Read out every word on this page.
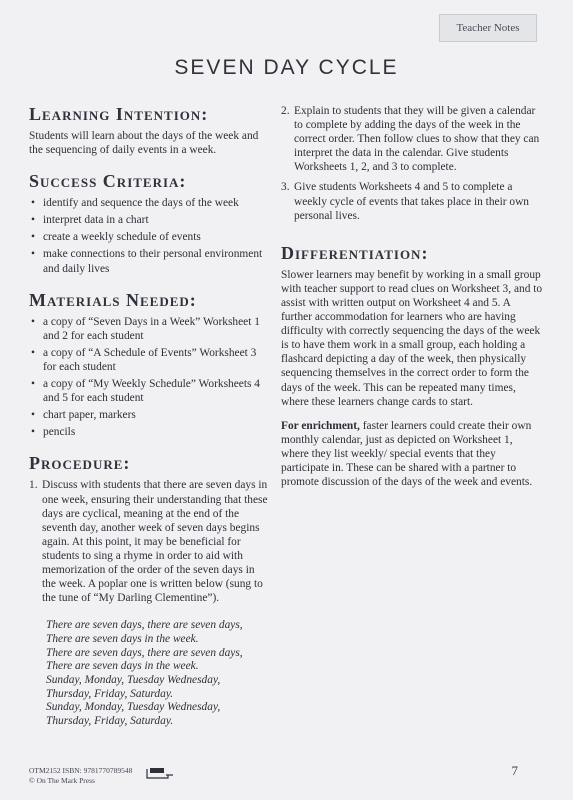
Teacher Notes
SEVEN DAY CYCLE
Learning Intention:

Students will learn about the days of the week and the sequencing of daily events in a week.

Success Criteria:
• identify and sequence the days of the week
• interpret data in a chart
• create a weekly schedule of events
• make connections to their personal environment and daily lives
Materials Needed:
• a copy of “Seven Days in a Week” Worksheet 1 and 2 for each student
• a copy of “A Schedule of Events” Worksheet 3 for each student
• a copy of “My Weekly Schedule” Worksheets 4 and 5 for each student
• chart paper, markers
• pencils
Procedure:
1. Discuss with students that there are seven days in one week, ensuring their understanding that these days are cyclical, meaning at the end of the seventh day, another week of seven days begins again. At this point, it may be beneficial for students to sing a rhyme in order to aid with memorization of the order of the seven days in the week. A poplar one is written below (sung to the tune of “My Darling Clementine”).
There are seven days, there are seven days,
There are seven days in the week.
There are seven days, there are seven days,
There are seven days in the week.
Sunday, Monday, Tuesday Wednesday,
Thursday, Friday, Saturday.
Sunday, Monday, Tuesday Wednesday,
Thursday, Friday, Saturday.
2. Explain to students that they will be given a calendar to complete by adding the days of the week in the correct order. Then follow clues to show that they can interpret the data in the calendar. Give students Worksheets 1, 2, and 3 to complete.
3. Give students Worksheets 4 and 5 to complete a weekly cycle of events that takes place in their own personal lives.
Differentiation:

Slower learners may benefit by working in a small group with teacher support to read clues on Worksheet 3, and to assist with written output on Worksheet 4 and 5. A further accommodation for learners who are having difficulty with correctly sequencing the days of the week is to have them work in a small group, each holding a flashcard depicting a day of the week, then physically sequencing themselves in the correct order to form the days of the week. This can be repeated many times, where these learners change cards to start.

For enrichment, faster learners could create their own monthly calendar, just as depicted on Worksheet 1, where they list weekly/ special events that they participate in. These can be shared with a partner to promote discussion of the days of the week and events.

OTM2152 ISBN: 9781770789548
© On The Mark Press
7
